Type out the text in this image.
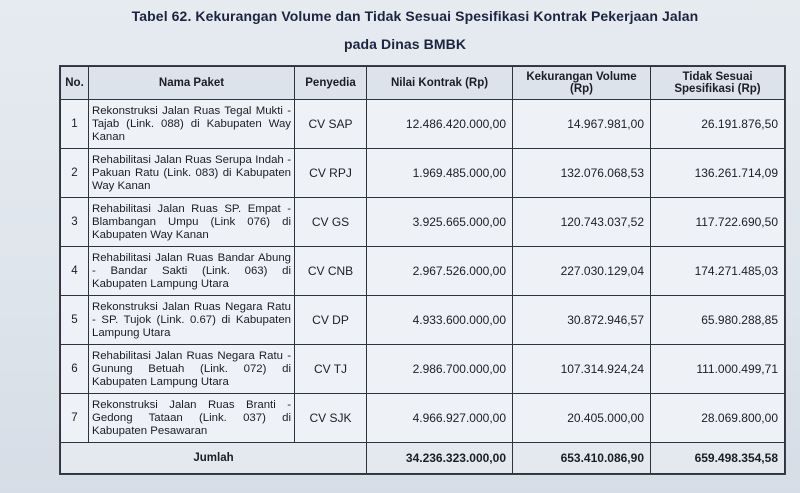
Tabel 62. Kekurangan Volume dan Tidak Sesuai Spesifikasi Kontrak Pekerjaan Jalan
pada Dinas BMBK
No.	Nama Paket	Penyedia	Nilai Kontrak (Rp)	Kekurangan Volume (Rp)	Tidak Sesuai Spesifikasi (Rp)
1	Rekonstruksi Jalan Ruas Tegal Mukti - Tajab (Link. 088) di Kabupaten Way Kanan	CV SAP	12.486.420.000,00	14.967.981,00	26.191.876,50
2	Rehabilitasi Jalan Ruas Serupa Indah - Pakuan Ratu (Link. 083) di Kabupaten Way Kanan	CV RPJ	1.969.485.000,00	132.076.068,53	136.261.714,09
3	Rehabilitasi Jalan Ruas SP. Empat - Blambangan Umpu (Link 076) di Kabupaten Way Kanan	CV GS	3.925.665.000,00	120.743.037,52	117.722.690,50
4	Rehabilitasi Jalan Ruas Bandar Abung - Bandar Sakti (Link. 063) di Kabupaten Lampung Utara	CV CNB	2.967.526.000,00	227.030.129,04	174.271.485,03
5	Rekonstruksi Jalan Ruas Negara Ratu - SP. Tujok (Link. 0.67) di Kabupaten Lampung Utara	CV DP	4.933.600.000,00	30.872.946,57	65.980.288,85
6	Rehabilitasi Jalan Ruas Negara Ratu - Gunung Betuah (Link. 072) di Kabupaten Lampung Utara	CV TJ	2.986.700.000,00	107.314.924,24	111.000.499,71
7	Rekonstruksi Jalan Ruas Branti - Gedong Tataan (Link. 037) di Kabupaten Pesawaran	CV SJK	4.966.927.000,00	20.405.000,00	28.069.800,00
Jumlah			34.236.323.000,00	653.410.086,90	659.498.354,58
